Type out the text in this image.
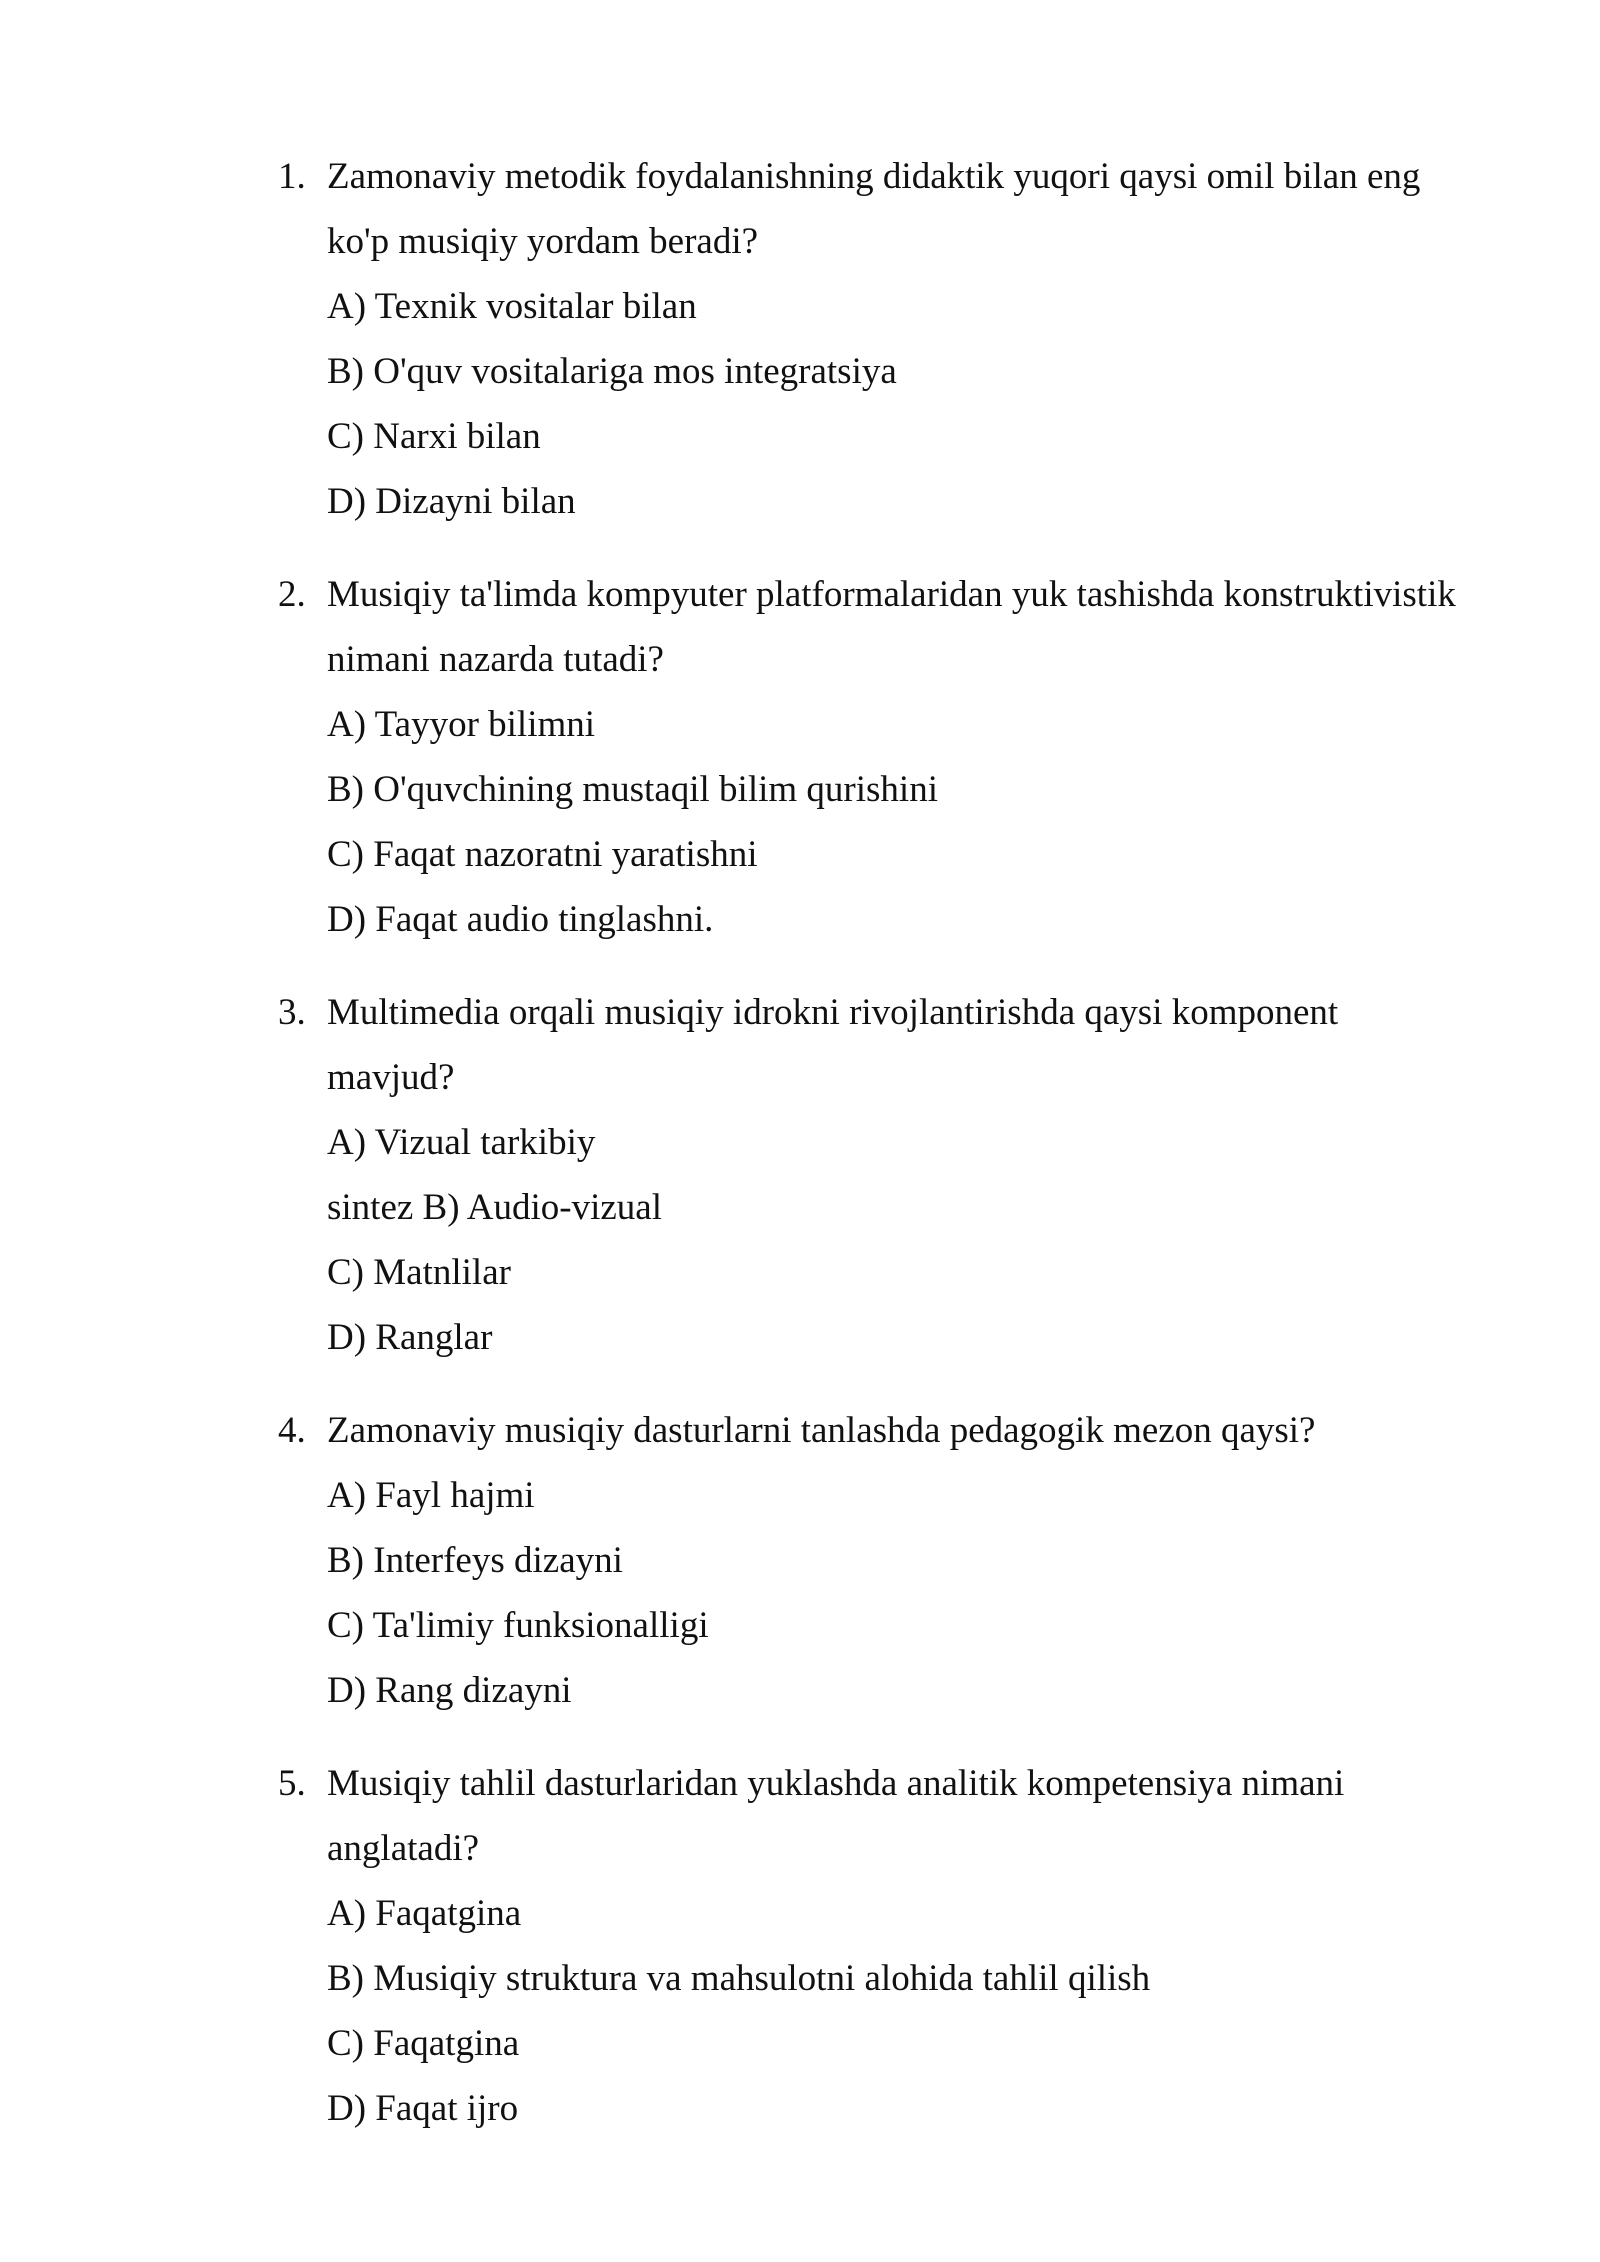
1. Zamonaviy metodik foydalanishning didaktik yuqori qaysi omil bilan eng
ko'p musiqiy yordam beradi?
A) Texnik vositalar bilan
B) O'quv vositalariga mos integratsiya
C) Narxi bilan
D) Dizayni bilan
2. Musiqiy ta'limda kompyuter platformalaridan yuk tashishda konstruktivistik
nimani nazarda tutadi?
A) Tayyor bilimni
B) O'quvchining mustaqil bilim qurishini
C) Faqat nazoratni yaratishni
D) Faqat audio tinglashni.
3. Multimedia orqali musiqiy idrokni rivojlantirishda qaysi komponent
mavjud?
A) Vizual tarkibiy
sintez B) Audio-vizual
C) Matnlilar
D) Ranglar
4. Zamonaviy musiqiy dasturlarni tanlashda pedagogik mezon qaysi?
A) Fayl hajmi
B) Interfeys dizayni
C) Ta'limiy funksionalligi
D) Rang dizayni
5. Musiqiy tahlil dasturlaridan yuklashda analitik kompetensiya nimani
anglatadi?
A) Faqatgina
B) Musiqiy struktura va mahsulotni alohida tahlil qilish
C) Faqatgina
D) Faqat ijro
